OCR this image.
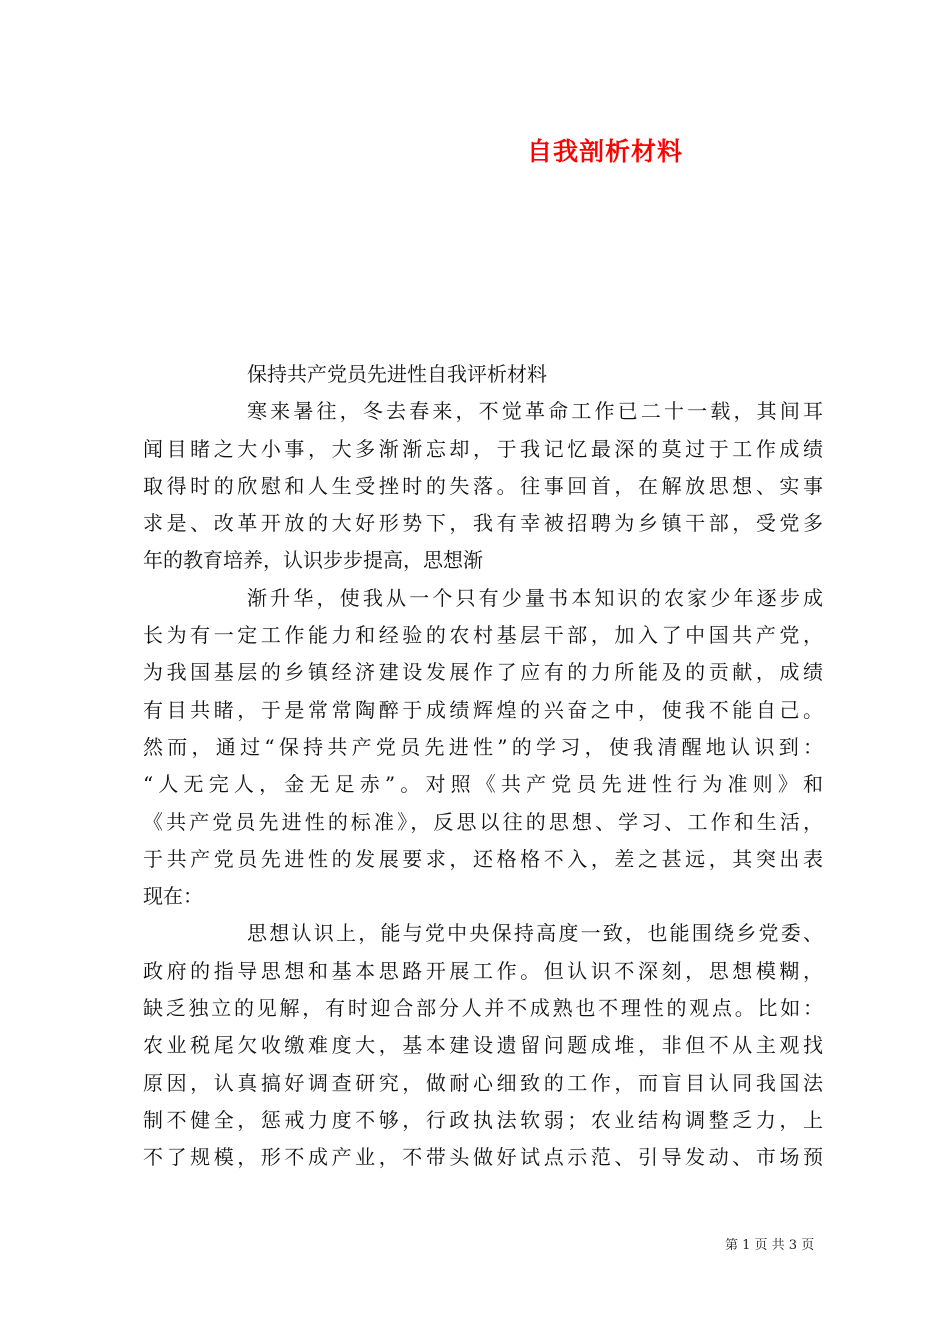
自我剖析材料
保持共产党员先进性自我评析材料
寒来暑往，冬去春来，不觉革命工作已二十一载，其间耳
闻目睹之大小事，大多渐渐忘却，于我记忆最深的莫过于工作成绩
取得时的欣慰和人生受挫时的失落。往事回首，在解放思想、实事
求是、改革开放的大好形势下，我有幸被招聘为乡镇干部，受党多
年的教育培养，认识步步提高，思想渐
渐升华，使我从一个只有少量书本知识的农家少年逐步成
长为有一定工作能力和经验的农村基层干部，加入了中国共产党，
为我国基层的乡镇经济建设发展作了应有的力所能及的贡献，成绩
有目共睹，于是常常陶醉于成绩辉煌的兴奋之中，使我不能自己。
然而，通过“保持共产党员先进性”的学习，使我清醒地认识到：
“人无完人，金无足赤”。对照《共产党员先进性行为准则》和
《共产党员先进性的标准》，反思以往的思想、学习、工作和生活，
于共产党员先进性的发展要求，还格格不入，差之甚远，其突出表
现在：
思想认识上，能与党中央保持高度一致，也能围绕乡党委、
政府的指导思想和基本思路开展工作。但认识不深刻，思想模糊，
缺乏独立的见解，有时迎合部分人并不成熟也不理性的观点。比如：
农业税尾欠收缴难度大，基本建设遗留问题成堆，非但不从主观找
原因，认真搞好调查研究，做耐心细致的工作，而盲目认同我国法
制不健全，惩戒力度不够，行政执法软弱；农业结构调整乏力，上
不了规模，形不成产业，不带头做好试点示范、引导发动、市场预
第 1 页 共 3 页
